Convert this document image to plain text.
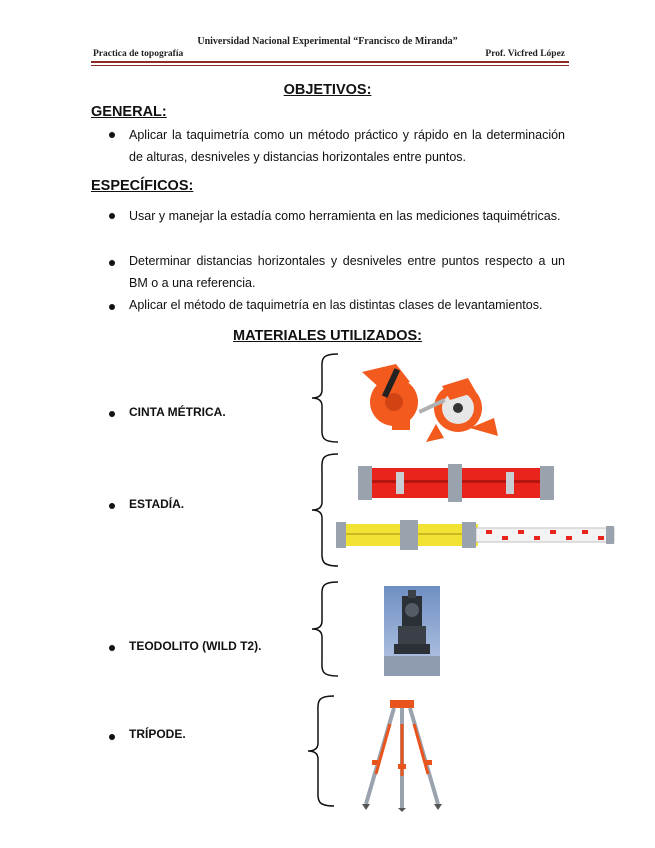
Universidad Nacional Experimental “Francisco de Miranda”
Practica de topografía	Prof. Vicfred López
OBJETIVOS:
GENERAL:
Aplicar la taquimetría como un método práctico y rápido en la determinación de alturas, desniveles y distancias horizontales entre puntos.
ESPECÍFICOS:
Usar y manejar la estadía como herramienta en las mediciones taquimétricas.
Determinar distancias horizontales y desniveles entre puntos respecto a un BM o a una referencia.
Aplicar el método de taquimetría en las distintas clases de levantamientos.
MATERIALES UTILIZADOS:
CINTA MÉTRICA.
ESTADÍA.
TEODOLITO (WILD T2).
TRÍPODE.
